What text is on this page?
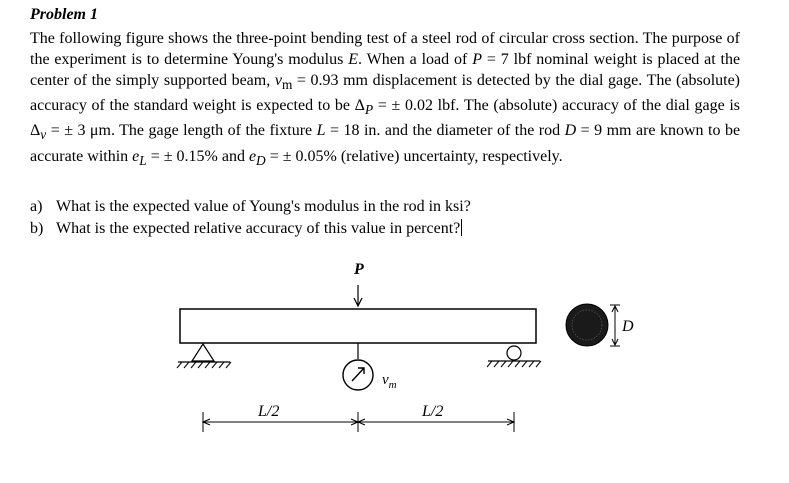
Problem 1
The following figure shows the three-point bending test of a steel rod of circular cross section. The purpose of the experiment is to determine Young's modulus E. When a load of P = 7 lbf nominal weight is placed at the center of the simply supported beam, $v_m = 0.93$ mm displacement is detected by the dial gage. The (absolute) accuracy of the standard weight is expected to be $\Delta_P$ = ± 0.02 lbf. The (absolute) accuracy of the dial gage is $\Delta_v$ = ± 3 μm. The gage length of the fixture L = 18 in. and the diameter of the rod D = 9 mm are known to be accurate within $e_L$ = ± 0.15% and $e_D$ = ± 0.05% (relative) uncertainty, respectively.
a) What is the expected value of Young's modulus in the rod in ksi?
b) What is the expected relative accuracy of this value in percent?
P
$v_m$
D
L/2	L/2
